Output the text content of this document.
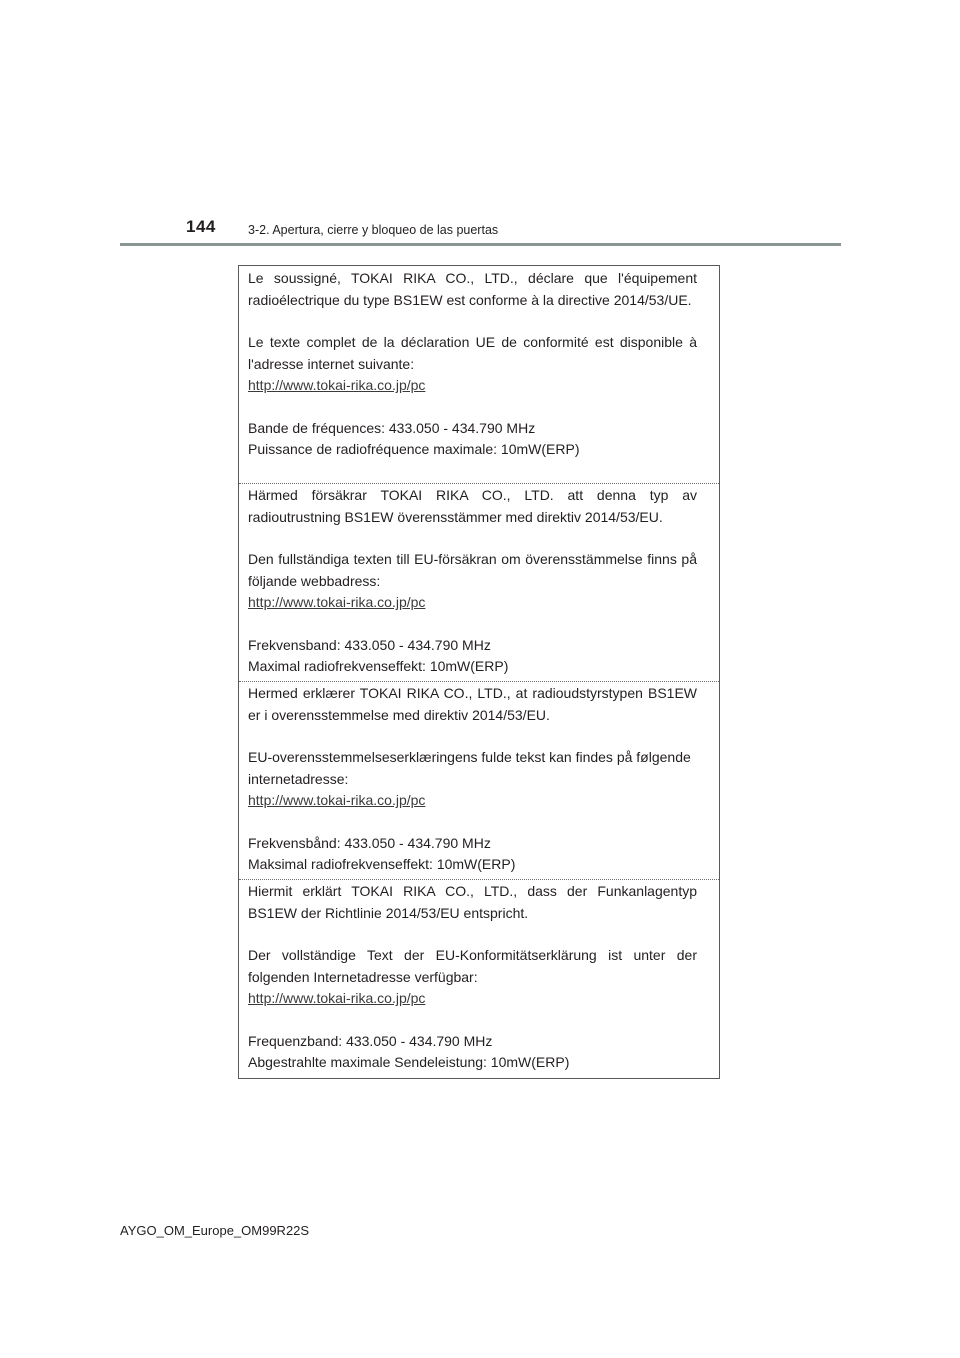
144	3-2. Apertura, cierre y bloqueo de las puertas

Le soussigné, TOKAI RIKA CO., LTD., déclare que l'équipement radioélectrique du type BS1EW est conforme à la directive 2014/53/UE.

Le texte complet de la déclaration UE de conformité est disponible à l'adresse internet suivante:

http://www.tokai-rika.co.jp/pc

Bande de fréquences: 433.050 - 434.790 MHz

Puissance de radiofréquence maximale: 10mW(ERP)

Härmed försäkrar TOKAI RIKA CO., LTD. att denna typ av radioutrustning BS1EW överensstämmer med direktiv 2014/53/EU.

Den fullständiga texten till EU-försäkran om överensstämmelse finns på följande webbadress:

http://www.tokai-rika.co.jp/pc

Frekvensband: 433.050 - 434.790 MHz

Maximal radiofrekvenseffekt: 10mW(ERP)

Hermed erklærer TOKAI RIKA CO., LTD., at radioudstyrstypen BS1EW er i overensstemmelse med direktiv 2014/53/EU.

EU-overensstemmelseserklæringens fulde tekst kan findes på følgende internetadresse:

http://www.tokai-rika.co.jp/pc

Frekvensbånd: 433.050 - 434.790 MHz

Maksimal radiofrekvenseffekt: 10mW(ERP)

Hiermit erklärt TOKAI RIKA CO., LTD., dass der Funkanlagentyp BS1EW der Richtlinie 2014/53/EU entspricht.

Der vollständige Text der EU-Konformitätserklärung ist unter der folgenden Internetadresse verfügbar:

http://www.tokai-rika.co.jp/pc

Frequenzband: 433.050 - 434.790 MHz

Abgestrahlte maximale Sendeleistung: 10mW(ERP)

AYGO_OM_Europe_OM99R22S
